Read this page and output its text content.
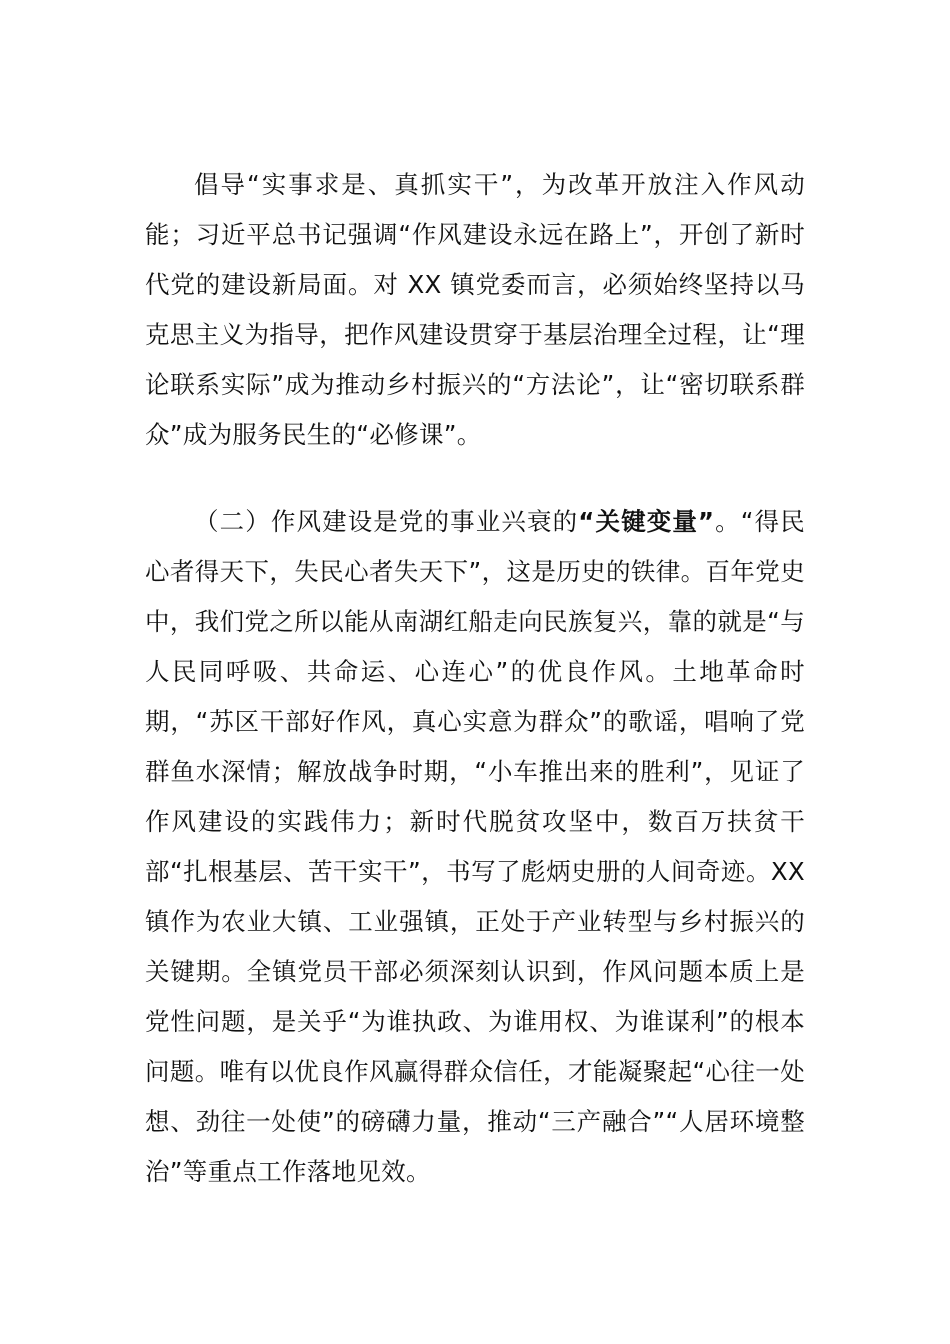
倡导“实事求是、真抓实干”，为改革开放注入作风动能；习近平总书记强调“作风建设永远在路上”，开创了新时代党的建设新局面。对 XX 镇党委而言，必须始终坚持以马克思主义为指导，把作风建设贯穿于基层治理全过程，让“理论联系实际”成为推动乡村振兴的“方法论”，让“密切联系群众”成为服务民生的“必修课”。

（二）作风建设是党的事业兴衰的“关键变量”。“得民心者得天下，失民心者失天下”，这是历史的铁律。百年党史中，我们党之所以能从南湖红船走向民族复兴，靠的就是“与人民同呼吸、共命运、心连心”的优良作风。土地革命时期，“苏区干部好作风，真心实意为群众”的歌谣，唱响了党群鱼水深情；解放战争时期，“小车推出来的胜利”，见证了作风建设的实践伟力；新时代脱贫攻坚中，数百万扶贫干部“扎根基层、苦干实干”，书写了彪炳史册的人间奇迹。XX 镇作为农业大镇、工业强镇，正处于产业转型与乡村振兴的关键期。全镇党员干部必须深刻认识到，作风问题本质上是党性问题，是关乎“为谁执政、为谁用权、为谁谋利”的根本问题。唯有以优良作风赢得群众信任，才能凝聚起“心往一处想、劲往一处使”的磅礴力量，推动“三产融合”“人居环境整治”等重点工作落地见效。
